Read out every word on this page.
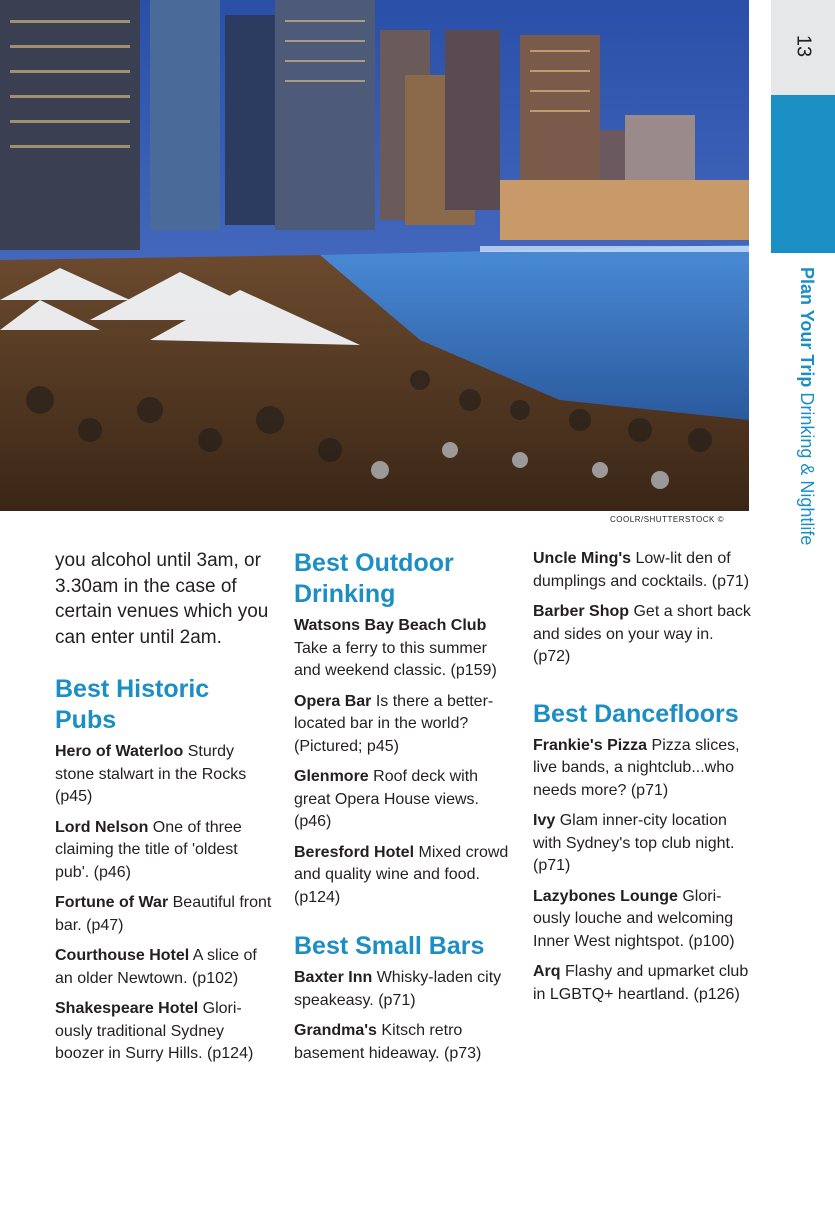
COOLR/SHUTTERSTOCK ©
13
Plan Your Trip Drinking & Nightlife

you alcohol until 3am, or 3.30am in the case of certain venues which you can enter until 2am.

Best Historic Pubs
Hero of Waterloo Sturdy stone stalwart in the Rocks (p45)
Lord Nelson One of three claiming the title of 'oldest pub'. (p46)
Fortune of War Beautiful front bar. (p47)
Courthouse Hotel A slice of an older Newtown. (p102)
Shakespeare Hotel Glori-ously traditional Sydney boozer in Surry Hills. (p124)
Best Outdoor Drinking
Watsons Bay Beach Club Take a ferry to this summer and weekend classic. (p159)
Opera Bar Is there a better-located bar in the world? (Pictured; p45)
Glenmore Roof deck with great Opera House views. (p46)
Beresford Hotel Mixed crowd and quality wine and food. (p124)
Best Small Bars
Baxter Inn Whisky-laden city speakeasy. (p71)
Grandma's Kitsch retro basement hideaway. (p73)
Uncle Ming's Low-lit den of dumplings and cocktails. (p71)
Barber Shop Get a short back and sides on your way in. (p72)
Best Dancefloors
Frankie's Pizza Pizza slices, live bands, a nightclub...who needs more? (p71)
Ivy Glam inner-city location with Sydney's top club night. (p71)
Lazybones Lounge Glori-ously louche and welcoming Inner West nightspot. (p100)
Arq Flashy and upmarket club in LGBTQ+ heartland. (p126)
